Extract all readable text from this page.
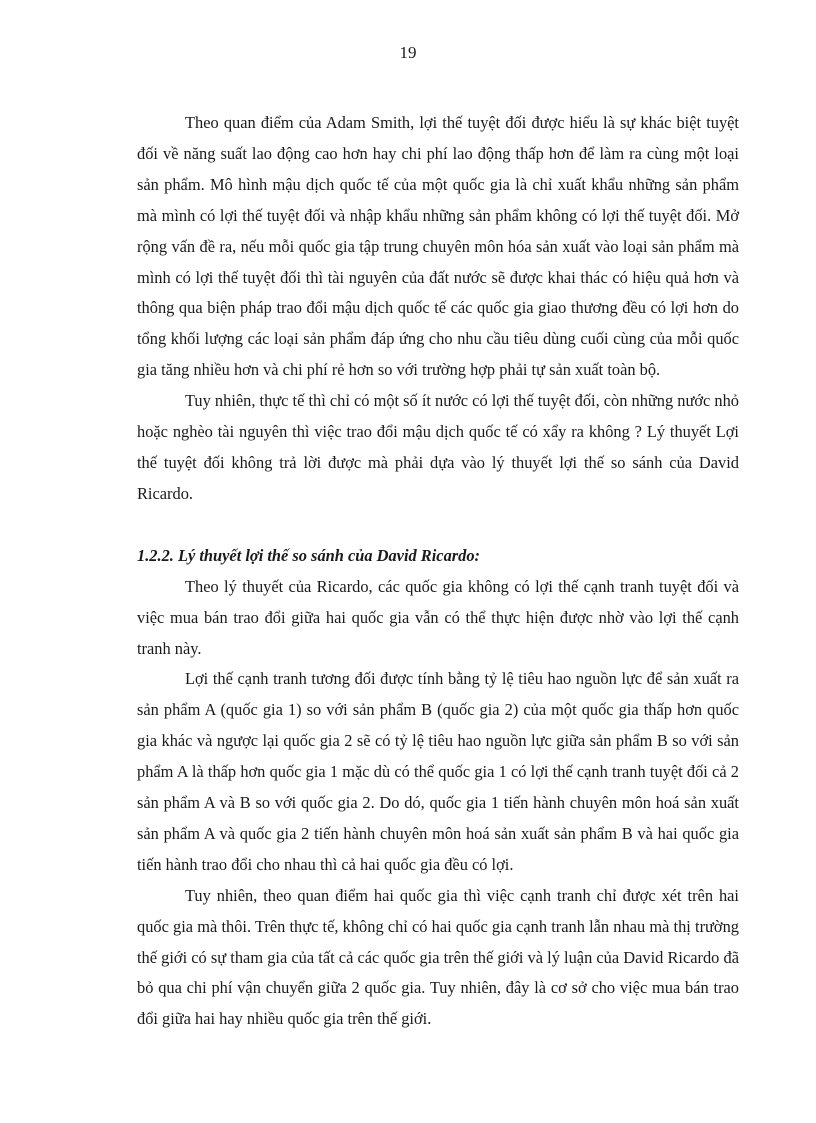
19

Theo quan điểm của Adam Smith, lợi thế tuyệt đối được hiểu là sự khác biệt tuyệt đối về năng suất lao động cao hơn hay chi phí lao động thấp hơn để làm ra cùng một loại sản phẩm. Mô hình mậu dịch quốc tế của một quốc gia là chỉ xuất khẩu những sản phẩm mà mình có lợi thế tuyệt đối và nhập khẩu những sản phẩm không có lợi thế tuyệt đối. Mở rộng vấn đề ra, nếu mỗi quốc gia tập trung chuyên môn hóa sản xuất vào loại sản phẩm mà mình có lợi thế tuyệt đối thì tài nguyên của đất nước sẽ được khai thác có hiệu quả hơn và thông qua biện pháp trao đổi mậu dịch quốc tế các quốc gia giao thương đều có lợi hơn do tổng khối lượng các loại sản phẩm đáp ứng cho nhu cầu tiêu dùng cuối cùng của mỗi quốc gia tăng nhiều hơn và chi phí rẻ hơn so với trường hợp phải tự sản xuất toàn bộ.

Tuy nhiên, thực tế thì chỉ có một số ít nước có lợi thế tuyệt đối, còn những nước nhỏ hoặc nghèo tài nguyên thì việc trao đổi mậu dịch quốc tế có xẩy ra không ? Lý thuyết Lợi thế tuyệt đối không trả lời được mà phải dựa vào lý thuyết lợi thế so sánh của David Ricardo.

1.2.2. Lý thuyết lợi thế so sánh của David Ricardo:

Theo lý thuyết của Ricardo, các quốc gia không có lợi thế cạnh tranh tuyệt đối và việc mua bán trao đổi giữa hai quốc gia vẫn có thể thực hiện được nhờ vào lợi thế cạnh tranh này.

Lợi thế cạnh tranh tương đối được tính bằng tỷ lệ tiêu hao nguồn lực để sản xuất ra sản phẩm A (quốc gia 1) so với sản phẩm B (quốc gia 2) của một quốc gia thấp hơn quốc gia khác và ngược lại quốc gia 2 sẽ có tỷ lệ tiêu hao nguồn lực giữa sản phẩm B so với sản phẩm A là thấp hơn quốc gia 1 mặc dù có thể quốc gia 1 có lợi thế cạnh tranh tuyệt đối cả 2 sản phẩm A và B so với quốc gia 2. Do dó, quốc gia 1 tiến hành chuyên môn hoá sản xuất sản phẩm A và quốc gia 2 tiến hành chuyên môn hoá sản xuất sản phẩm B và hai quốc gia tiến hành trao đổi cho nhau thì cả hai quốc gia đều có lợi.

Tuy nhiên, theo quan điểm hai quốc gia thì việc cạnh tranh chỉ được xét trên hai quốc gia mà thôi. Trên thực tế, không chỉ có hai quốc gia cạnh tranh lẫn nhau mà thị trường thế giới có sự tham gia của tất cả các quốc gia trên thế giới và lý luận của David Ricardo đã bỏ qua chi phí vận chuyển giữa 2 quốc gia. Tuy nhiên, đây là cơ sở cho việc mua bán trao đổi giữa hai hay nhiều quốc gia trên thế giới.
